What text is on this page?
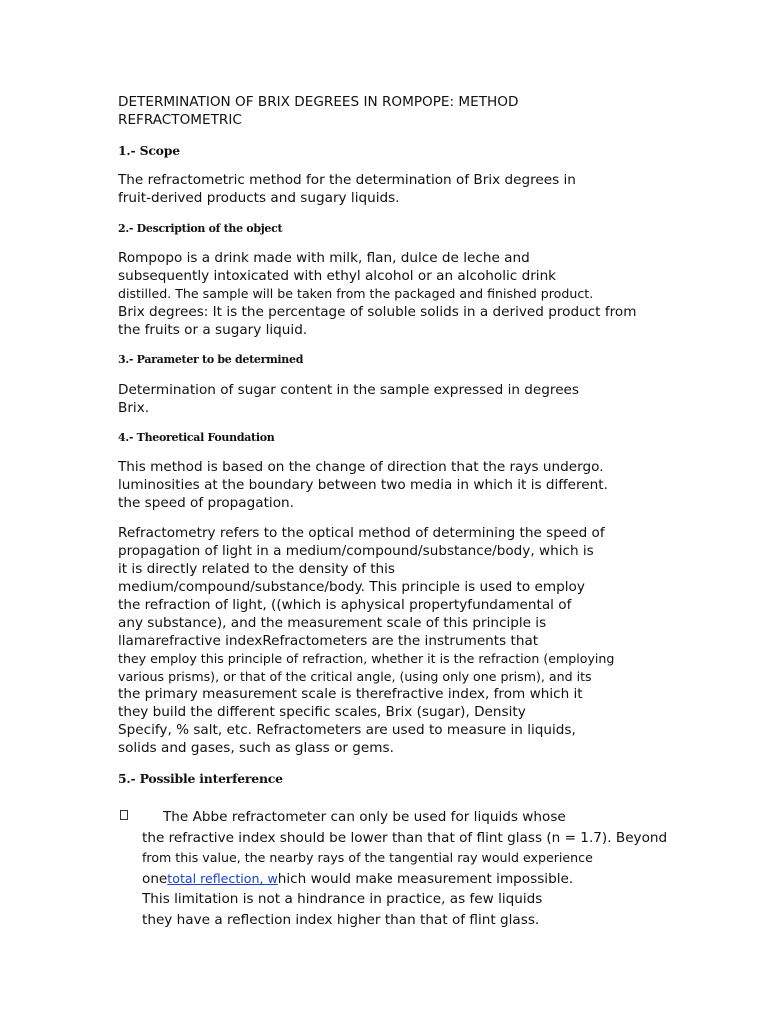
DETERMINATION OF BRIX DEGREES IN ROMPOPE: METHOD
REFRACTOMETRIC
1.- Scope
The refractometric method for the determination of Brix degrees in
fruit-derived products and sugary liquids.
2.- Description of the object
Rompopo is a drink made with milk, flan, dulce de leche and
subsequently intoxicated with ethyl alcohol or an alcoholic drink
distilled. The sample will be taken from the packaged and finished product.
Brix degrees: It is the percentage of soluble solids in a derived product from
the fruits or a sugary liquid.
3.- Parameter to be determined
Determination of sugar content in the sample expressed in degrees
Brix.
4.- Theoretical Foundation
This method is based on the change of direction that the rays undergo.
luminosities at the boundary between two media in which it is different.
the speed of propagation.
Refractometry refers to the optical method of determining the speed of
propagation of light in a medium/compound/substance/body, which is
it is directly related to the density of this
medium/compound/substance/body. This principle is used to employ
the refraction of light, ((which is aphysical propertyfundamental of
any substance), and the measurement scale of this principle is
llamarefractive indexRefractometers are the instruments that
they employ this principle of refraction, whether it is the refraction (employing
various prisms), or that of the critical angle, (using only one prism), and its
the primary measurement scale is therefractive index, from which it
they build the different specific scales, Brix (sugar), Density
Specify, % salt, etc. Refractometers are used to measure in liquids,
solids and gases, such as glass or gems.
5.- Possible interference
The Abbe refractometer can only be used for liquids whose
the refractive index should be lower than that of flint glass (n = 1.7). Beyond
from this value, the nearby rays of the tangential ray would experience
onetotal reflection, which would make measurement impossible.
This limitation is not a hindrance in practice, as few liquids
they have a reflection index higher than that of flint glass.
